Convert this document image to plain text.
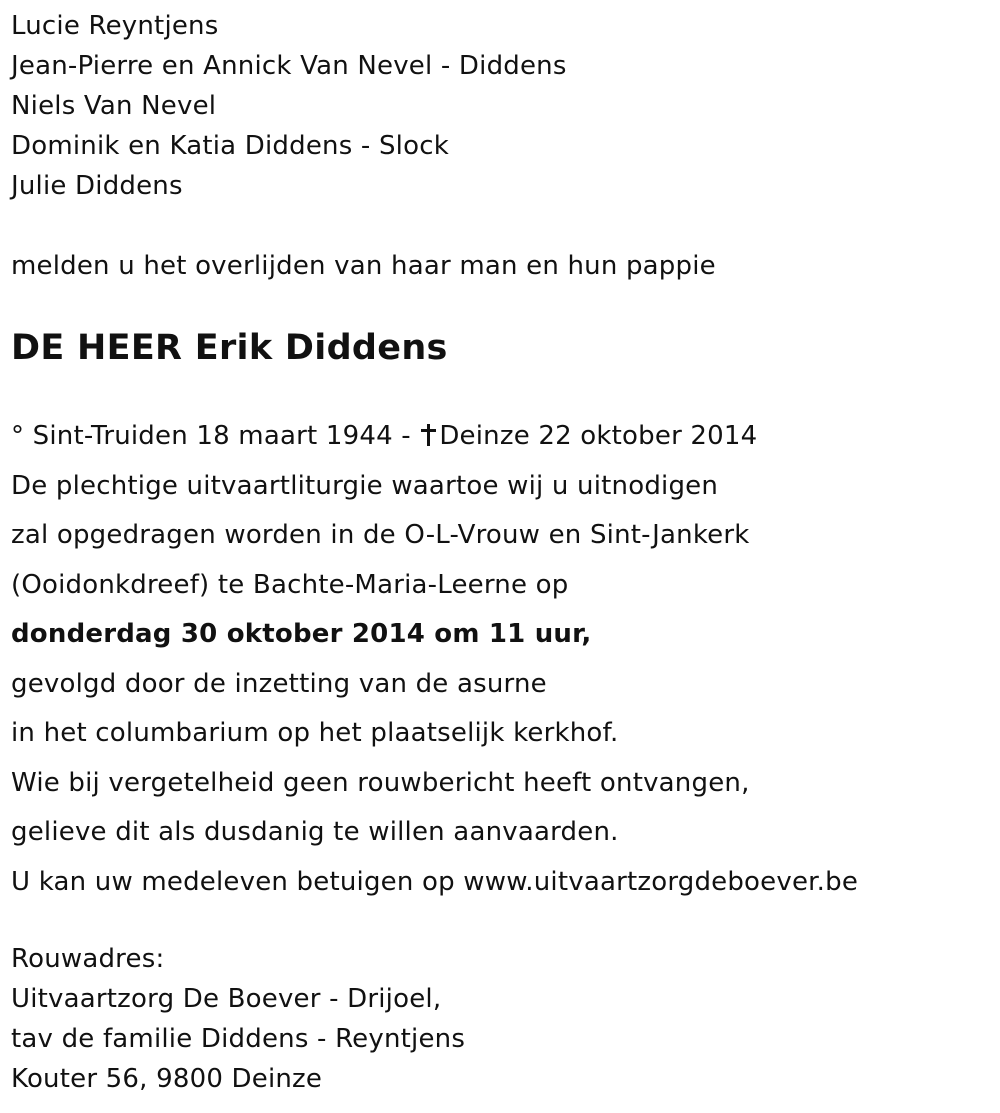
Lucie Reyntjens
Jean-Pierre en Annick Van Nevel - Diddens
Niels Van Nevel
Dominik en Katia Diddens - Slock
Julie Diddens
melden u het overlijden van haar man en hun pappie
DE HEER Erik Diddens
° Sint-Truiden 18 maart 1944 - Deinze 22 oktober 2014
De plechtige uitvaartliturgie waartoe wij u uitnodigen
zal opgedragen worden in de O-L-Vrouw en Sint-Jankerk
(Ooidonkdreef) te Bachte-Maria-Leerne op
donderdag 30 oktober 2014 om 11 uur,
gevolgd door de inzetting van de asurne
in het columbarium op het plaatselijk kerkhof.
Wie bij vergetelheid geen rouwbericht heeft ontvangen,
gelieve dit als dusdanig te willen aanvaarden.
U kan uw medeleven betuigen op www.uitvaartzorgdeboever.be
Rouwadres:
Uitvaartzorg De Boever - Drijoel,
tav de familie Diddens - Reyntjens
Kouter 56, 9800 Deinze
